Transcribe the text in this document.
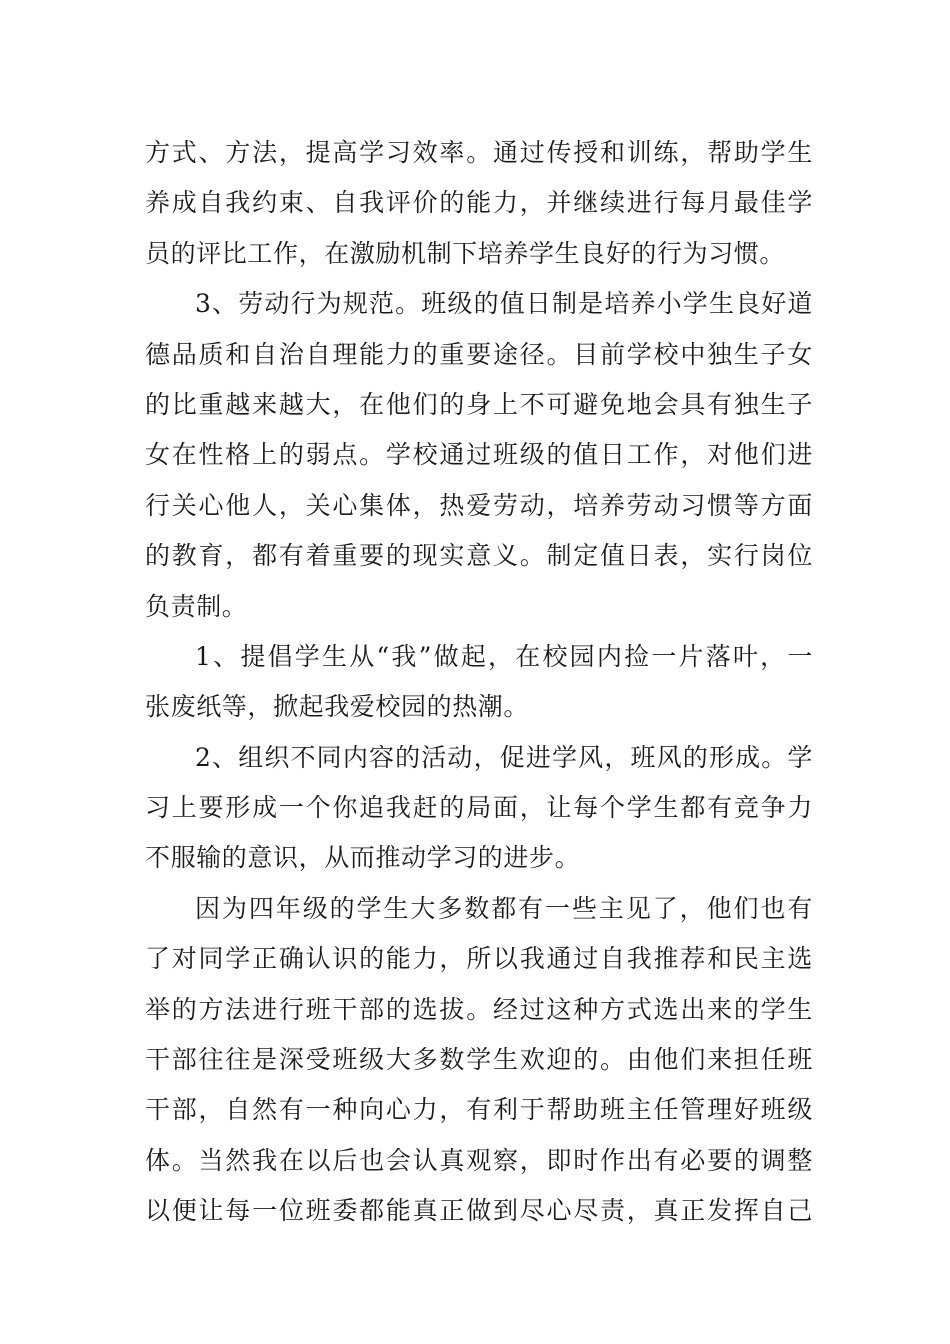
方式、方法，提高学习效率。通过传授和训练，帮助学生
养成自我约束、自我评价的能力，并继续进行每月最佳学
员的评比工作，在激励机制下培养学生良好的行为习惯。
3、劳动行为规范。班级的值日制是培养小学生良好道
德品质和自治自理能力的重要途径。目前学校中独生子女
的比重越来越大，在他们的身上不可避免地会具有独生子
女在性格上的弱点。学校通过班级的值日工作，对他们进
行关心他人，关心集体，热爱劳动，培养劳动习惯等方面
的教育，都有着重要的现实意义。制定值日表，实行岗位
负责制。
1、提倡学生从“我”做起，在校园内捡一片落叶，一
张废纸等，掀起我爱校园的热潮。
2、组织不同内容的活动，促进学风，班风的形成。学
习上要形成一个你追我赶的局面，让每个学生都有竞争力
不服输的意识，从而推动学习的进步。
因为四年级的学生大多数都有一些主见了，他们也有
了对同学正确认识的能力，所以我通过自我推荐和民主选
举的方法进行班干部的选拔。经过这种方式选出来的学生
干部往往是深受班级大多数学生欢迎的。由他们来担任班
干部，自然有一种向心力，有利于帮助班主任管理好班级
体。当然我在以后也会认真观察，即时作出有必要的调整
以便让每一位班委都能真正做到尽心尽责，真正发挥自己
